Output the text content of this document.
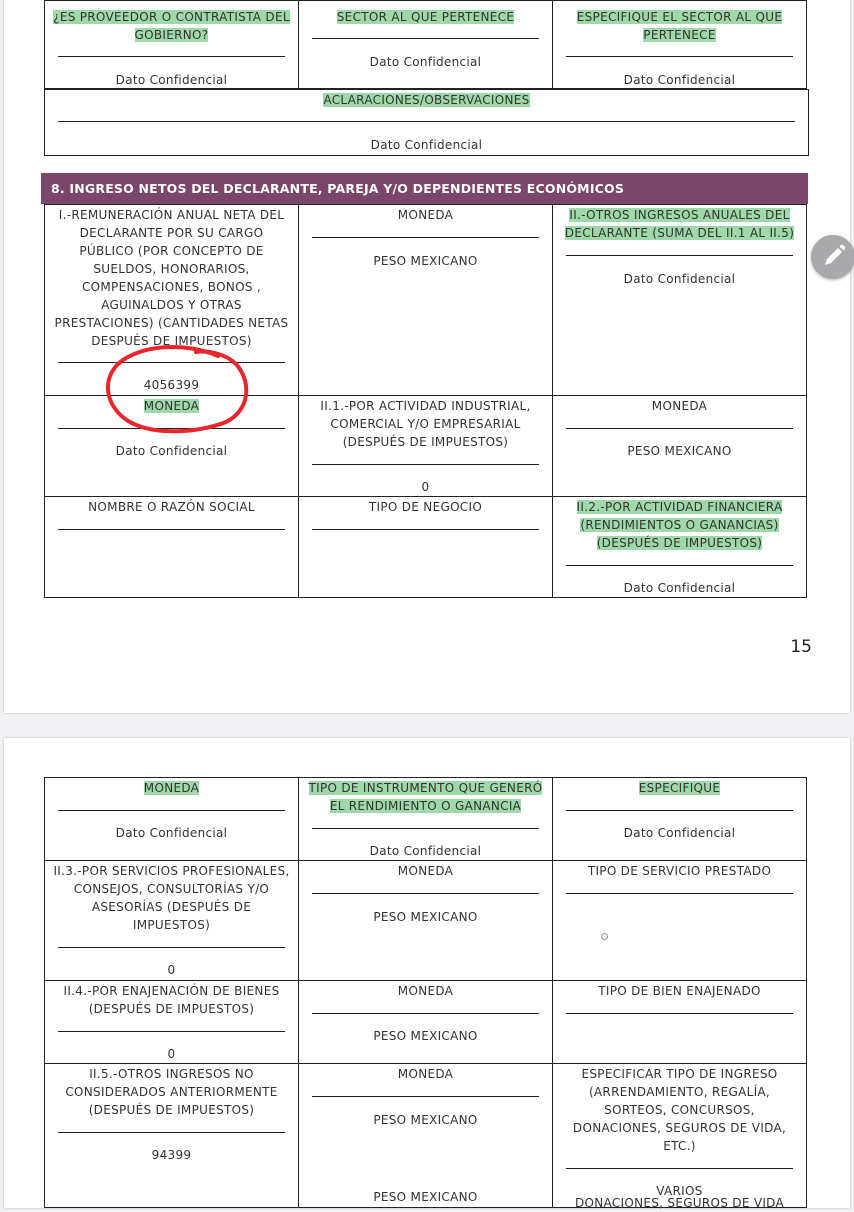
¿ES PROVEEDOR O CONTRATISTA DEL GOBIERNO?
Dato Confidencial
SECTOR AL QUE PERTENECE
Dato Confidencial
ESPECIFIQUE EL SECTOR AL QUE PERTENECE
Dato Confidencial
ACLARACIONES/OBSERVACIONES
Dato Confidencial
8. INGRESO NETOS DEL DECLARANTE, PAREJA Y/O DEPENDIENTES ECONÓMICOS
I.-REMUNERACIÓN ANUAL NETA DEL DECLARANTE POR SU CARGO PÚBLICO (POR CONCEPTO DE SUELDOS, HONORARIOS, COMPENSACIONES, BONOS , AGUINALDOS Y OTRAS PRESTACIONES) (CANTIDADES NETAS DESPUÉS DE IMPUESTOS)
4056399
MONEDA
PESO MEXICANO
II.-OTROS INGRESOS ANUALES DEL DECLARANTE (SUMA DEL II.1 AL II.5)
Dato Confidencial
MONEDA
Dato Confidencial
II.1.-POR ACTIVIDAD INDUSTRIAL, COMERCIAL Y/O EMPRESARIAL (DESPUÉS DE IMPUESTOS)
0
MONEDA
PESO MEXICANO
NOMBRE O RAZÓN SOCIAL	TIPO DE NEGOCIO	II.2.-POR ACTIVIDAD FINANCIERA (RENDIMIENTOS O GANANCIAS) (DESPUÉS DE IMPUESTOS)
Dato Confidencial
15
MONEDA
Dato Confidencial
TIPO DE INSTRUMENTO QUE GENERÓ EL RENDIMIENTO O GANANCIA
Dato Confidencial
ESPECIFIQUE
Dato Confidencial
II.3.-POR SERVICIOS PROFESIONALES, CONSEJOS, CONSULTORÍAS Y/O ASESORÍAS (DESPUÉS DE IMPUESTOS)
0
MONEDA
PESO MEXICANO
TIPO DE SERVICIO PRESTADO
II.4.-POR ENAJENACIÓN DE BIENES (DESPUÉS DE IMPUESTOS)
0
MONEDA
PESO MEXICANO
TIPO DE BIEN ENAJENADO
II.5.-OTROS INGRESOS NO CONSIDERADOS ANTERIORMENTE (DESPUÉS DE IMPUESTOS)
94399
MONEDA
PESO MEXICANO
PESO MEXICANO
ESPECIFICAR TIPO DE INGRESO (ARRENDAMIENTO, REGALÍA, SORTEOS, CONCURSOS, DONACIONES, SEGUROS DE VIDA, ETC.)
VARIOS
DONACIONES, SEGUROS DE VIDA
